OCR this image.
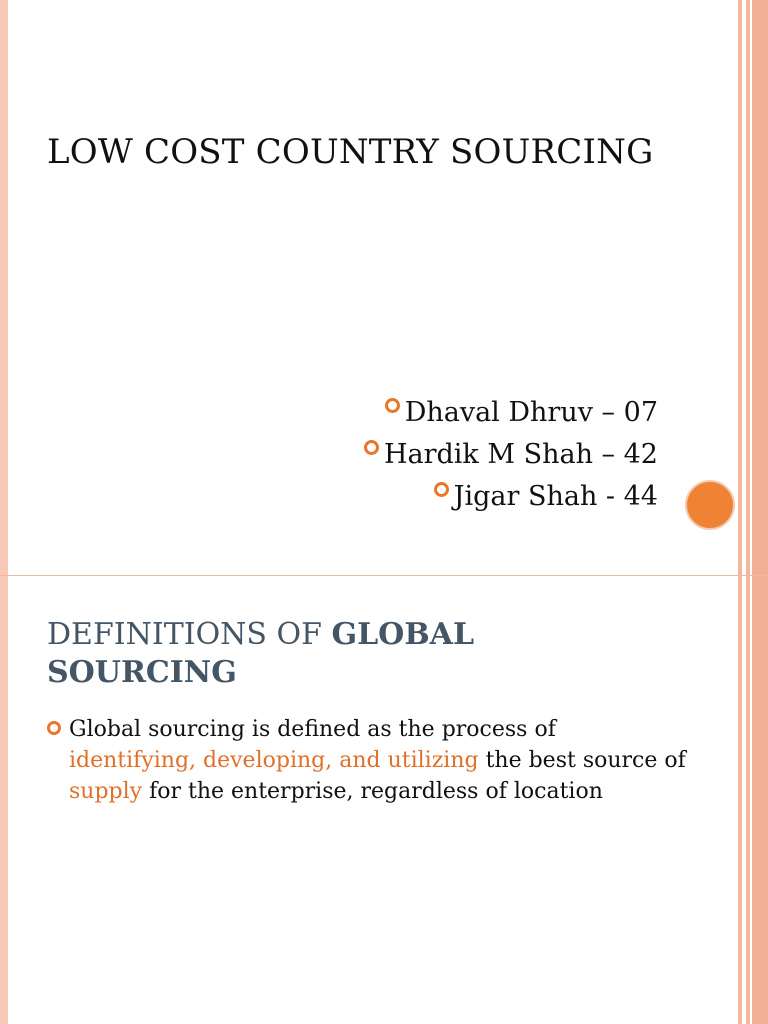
LOW COST COUNTRY SOURCING
Dhaval Dhruv – 07
Hardik M Shah – 42
Jigar Shah - 44
DEFINITIONS OF GLOBAL SOURCING
Global sourcing is defined as the process of identifying, developing, and utilizing the best source of supply for the enterprise, regardless of location
